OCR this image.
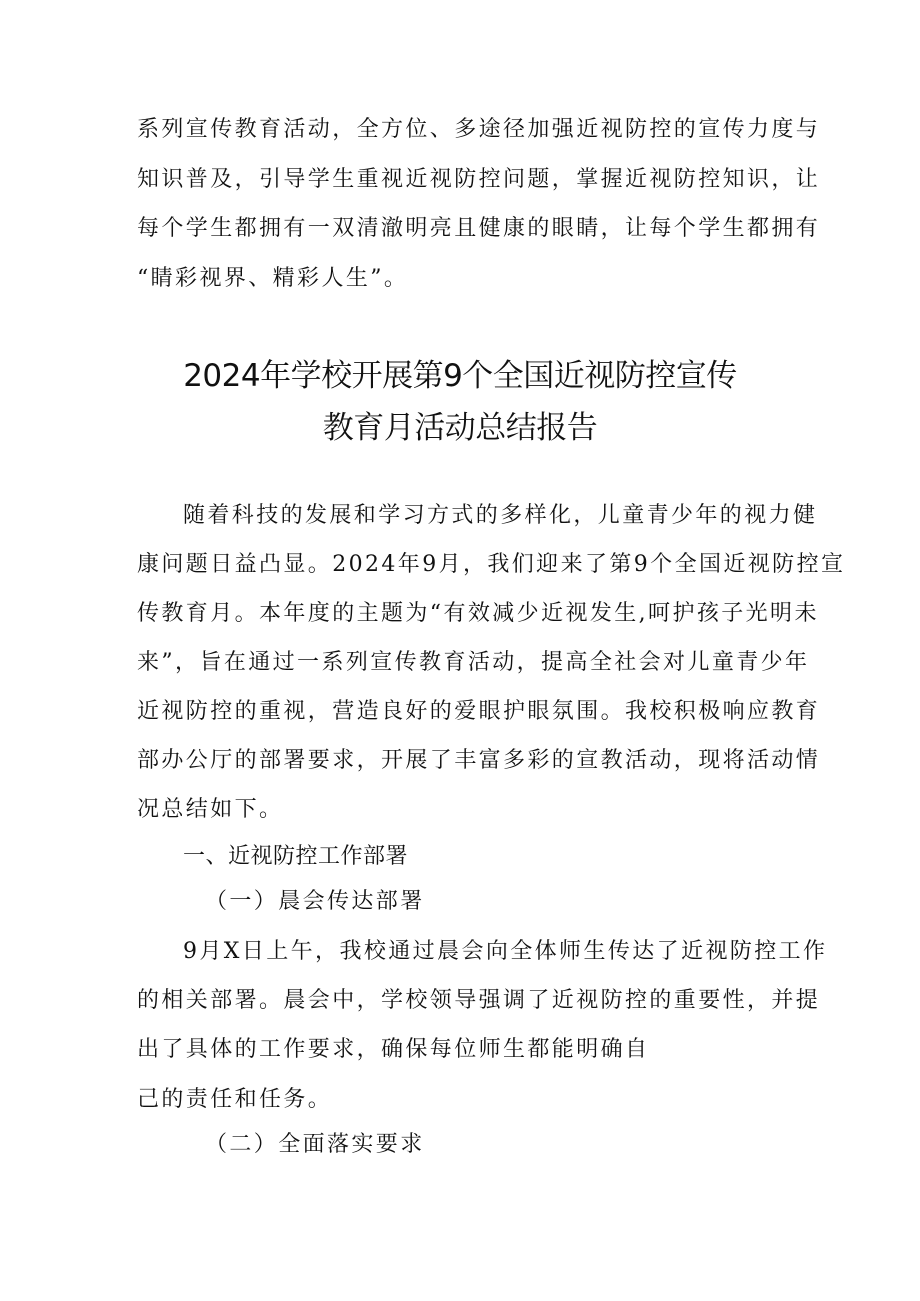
系列宣传教育活动，全方位、多途径加强近视防控的宣传力度与
知识普及，引导学生重视近视防控问题，掌握近视防控知识，让
每个学生都拥有一双清澈明亮且健康的眼睛，让每个学生都拥有
“睛彩视界、精彩人生”。
2024年学校开展第9个全国近视防控宣传
教育月活动总结报告
随着科技的发展和学习方式的多样化，儿童青少年的视力健
康问题日益凸显。2024年9月，我们迎来了第9个全国近视防控宣
传教育月。本年度的主题为“有效减少近视发生,呵护孩子光明未
来”，旨在通过一系列宣传教育活动，提高全社会对儿童青少年
近视防控的重视，营造良好的爱眼护眼氛围。我校积极响应教育
部办公厅的部署要求，开展了丰富多彩的宣教活动，现将活动情
况总结如下。
一、近视防控工作部署
（一）晨会传达部署
9月X日上午，我校通过晨会向全体师生传达了近视防控工作
的相关部署。晨会中，学校领导强调了近视防控的重要性，并提
出了具体的工作要求，确保每位师生都能明确自
己的责任和任务。
（二）全面落实要求
